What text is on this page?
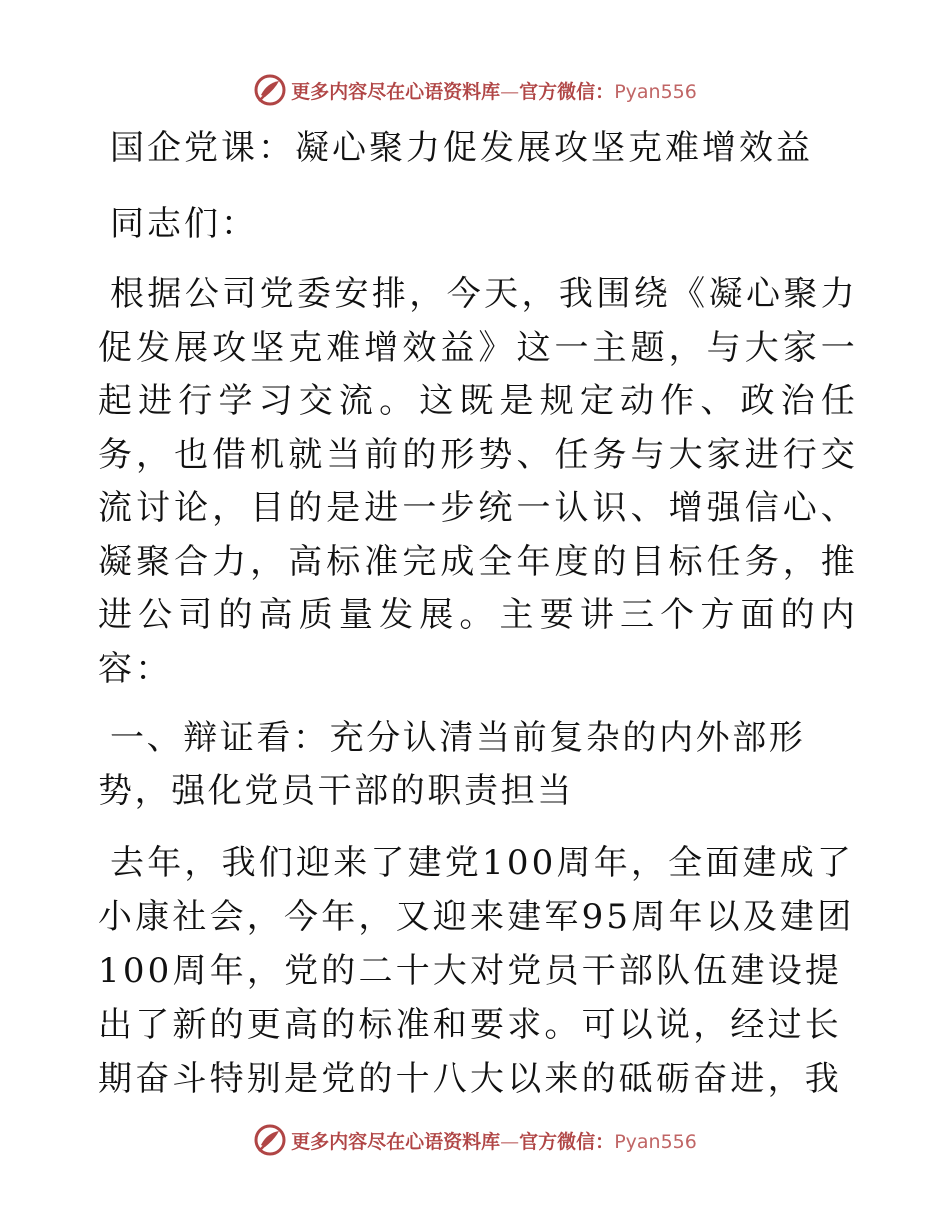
更多内容尽在心语资料库—官方微信：Pyan556
国企党课：凝心聚力促发展攻坚克难增效益
同志们：
根据公司党委安排，今天，我围绕《凝心聚力促发展攻坚克难增效益》这一主题，与大家一起进行学习交流。这既是规定动作、政治任务，也借机就当前的形势、任务与大家进行交流讨论，目的是进一步统一认识、增强信心、凝聚合力，高标准完成全年度的目标任务，推进公司的高质量发展。主要讲三个方面的内容：
一、辩证看：充分认清当前复杂的内外部形势，强化党员干部的职责担当
去年，我们迎来了建党100周年，全面建成了小康社会，今年，又迎来建军95周年以及建团100周年，党的二十大对党员干部队伍建设提出了新的更高的标准和要求。可以说，经过长期奋斗特别是党的十八大以来的砥砺奋进，我
更多内容尽在心语资料库—官方微信：Pyan556
